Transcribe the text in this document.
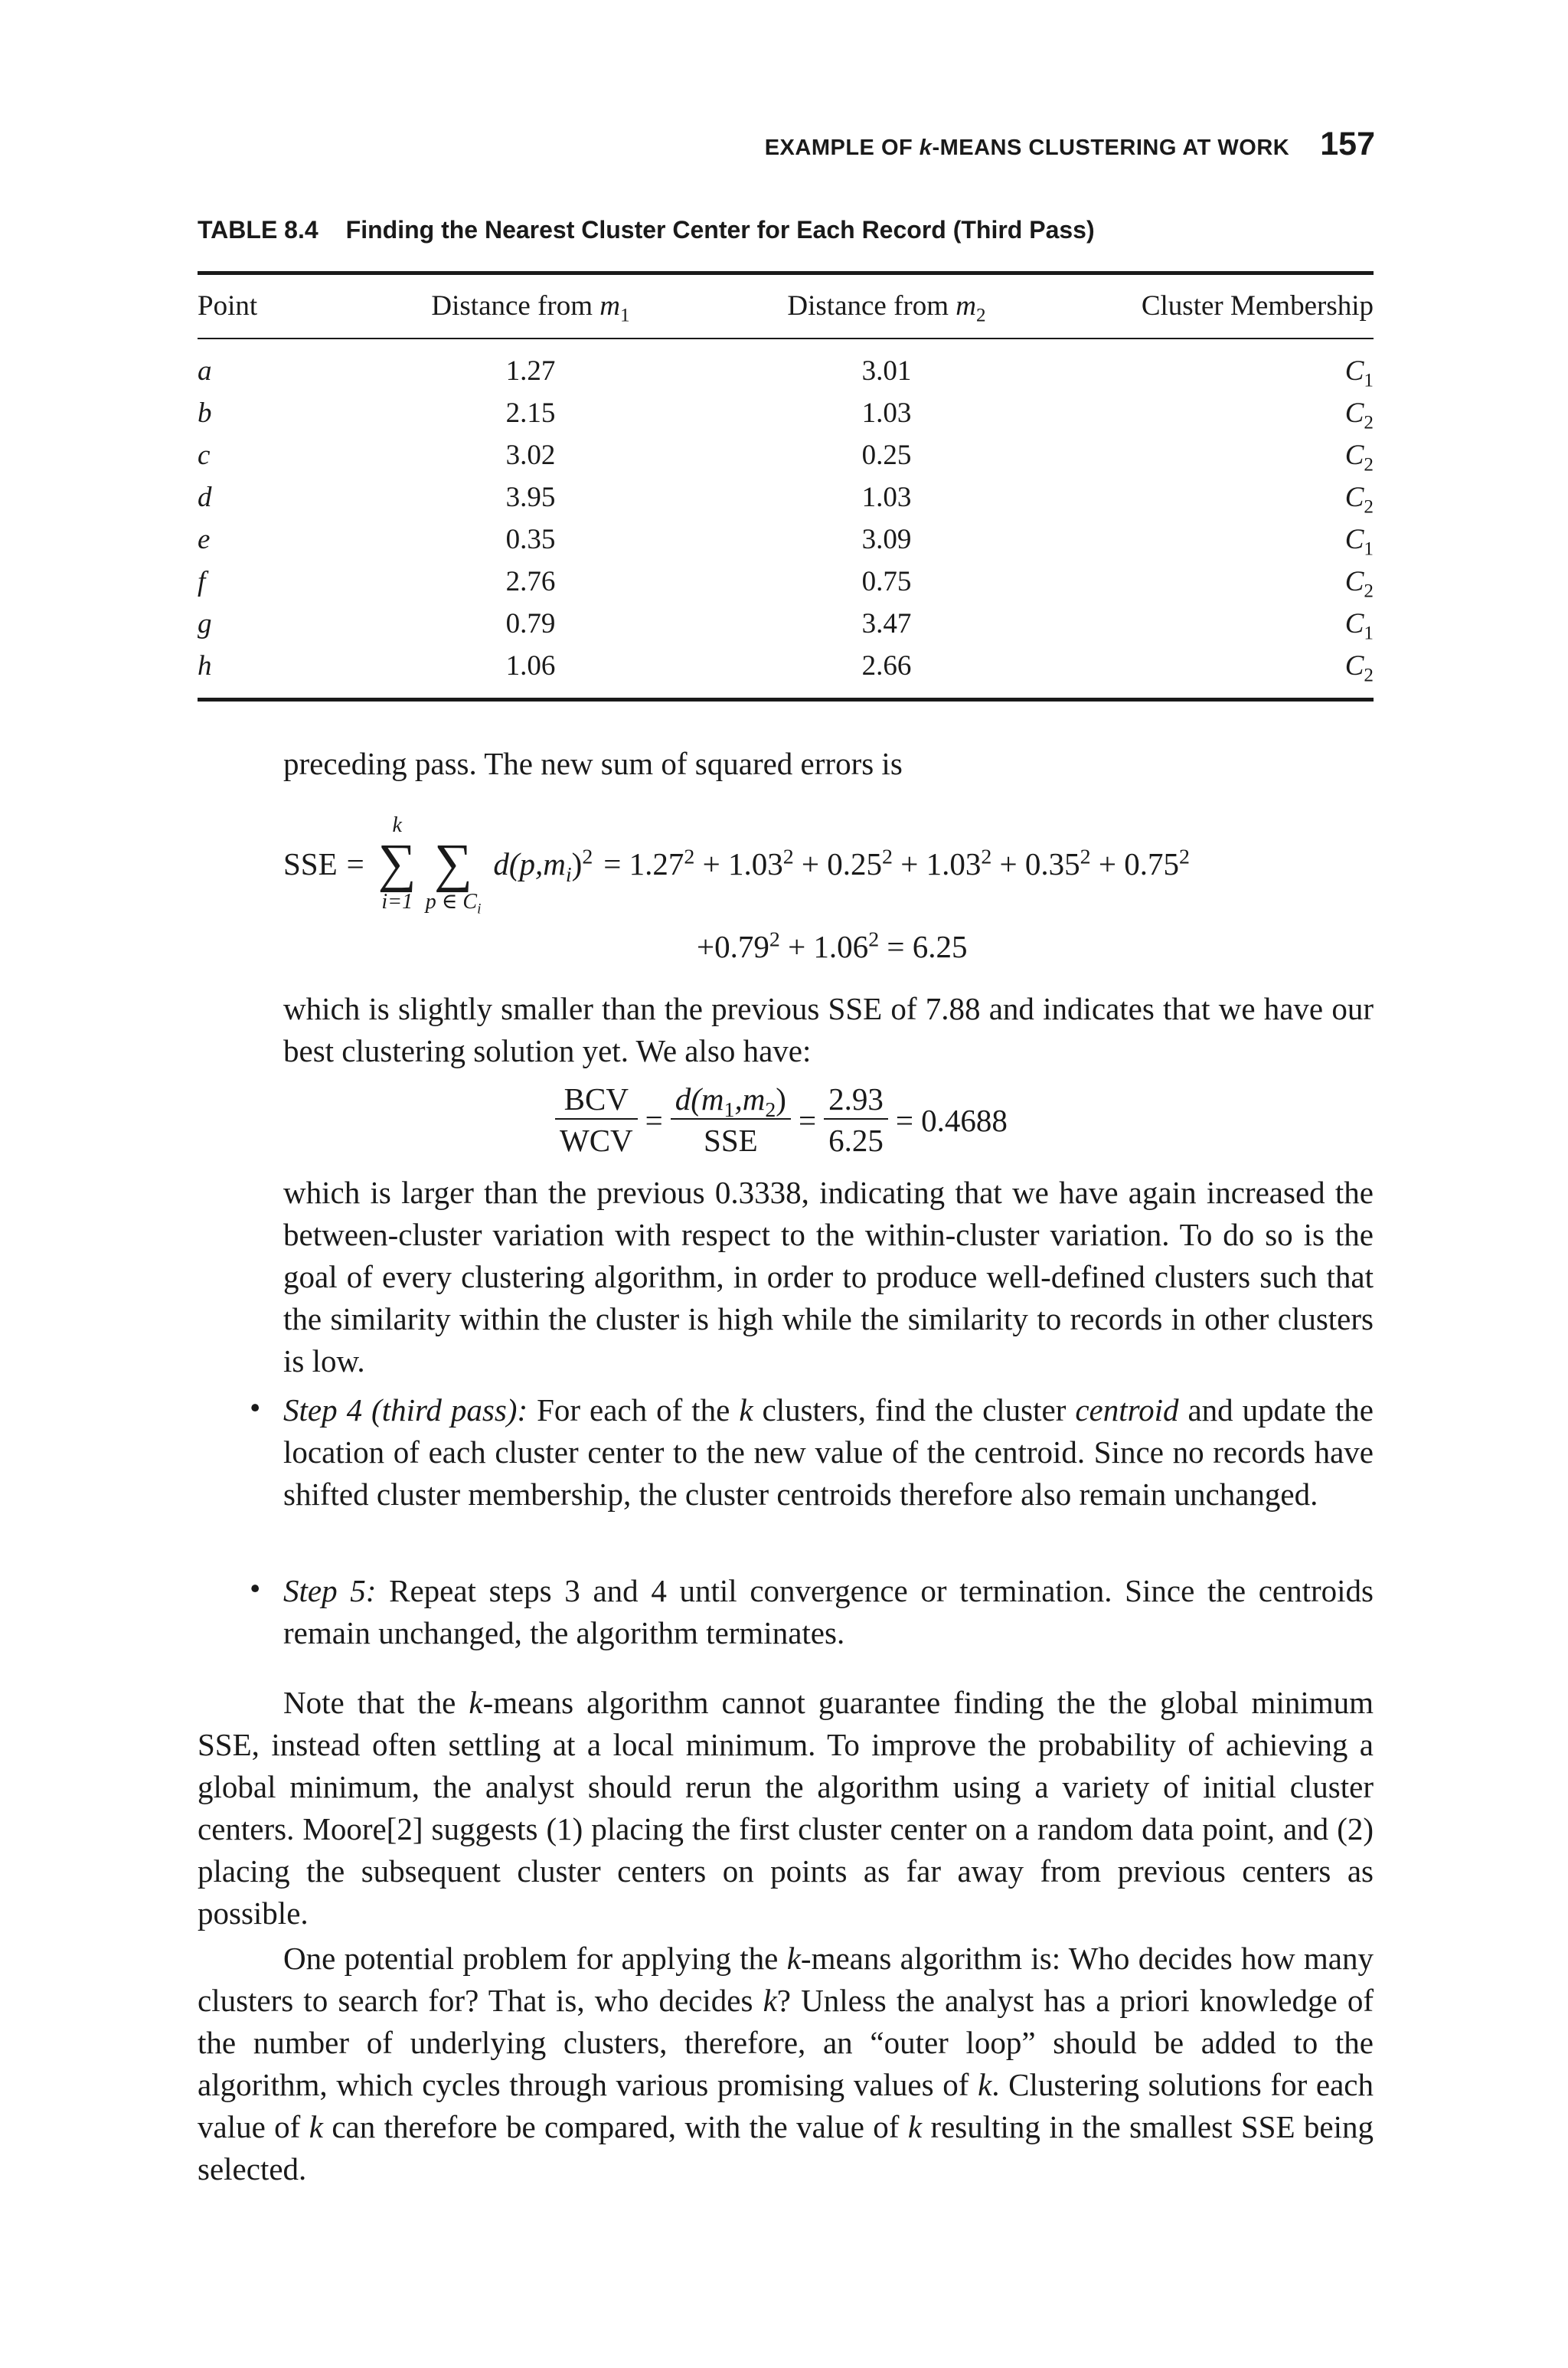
EXAMPLE OF k-MEANS CLUSTERING AT WORK 157
TABLE 8.4 Finding the Nearest Cluster Center for Each Record (Third Pass)
Point	Distance from $m_1$	Distance from $m_2$	Cluster Membership
a	1.27	3.01	$C_1$
b	2.15	1.03	$C_2$
c	3.02	0.25	$C_2$
d	3.95	1.03	$C_2$
e	0.35	3.09	$C_1$
f	2.76	0.75	$C_2$
g	0.79	3.47	$C_1$
h	1.06	2.66	$C_2$

preceding pass. The new sum of squared errors is

SSE =
k
∑
i=1
∑
p ∈ $C_i$
$d(p,m_i)^2 = 1.27^2 + 1.03^2 + 0.25^2 + 1.03^2 + 0.35^2 + 0.75^2$
$+0.79^2 + 1.06^2 = 6.25$

which is slightly smaller than the previous SSE of 7.88 and indicates that we have our best clustering solution yet. We also have:

$\frac{\text{BCV}}{\text{WCV}} = \frac{d(m_1,m_2)}{\text{SSE}} = \frac{2.93}{6.25} = 0.4688$

which is larger than the previous 0.3338, indicating that we have again increased the between-cluster variation with respect to the within-cluster variation. To do so is the goal of every clustering algorithm, in order to produce well-defined clusters such that the similarity within the cluster is high while the similarity to records in other clusters is low.

• Step 4 (third pass): For each of the k clusters, find the cluster centroid and update the location of each cluster center to the new value of the centroid. Since no records have shifted cluster membership, the cluster centroids therefore also remain unchanged.

• Step 5: Repeat steps 3 and 4 until convergence or termination. Since the centroids remain unchanged, the algorithm terminates.

Note that the k-means algorithm cannot guarantee finding the the global minimum SSE, instead often settling at a local minimum. To improve the probability of achieving a global minimum, the analyst should rerun the algorithm using a variety of initial cluster centers. Moore[2] suggests (1) placing the first cluster center on a random data point, and (2) placing the subsequent cluster centers on points as far away from previous centers as possible.

One potential problem for applying the k-means algorithm is: Who decides how many clusters to search for? That is, who decides k? Unless the analyst has a priori knowledge of the number of underlying clusters, therefore, an “outer loop” should be added to the algorithm, which cycles through various promising values of k. Clustering solutions for each value of k can therefore be compared, with the value of k resulting in the smallest SSE being selected.
